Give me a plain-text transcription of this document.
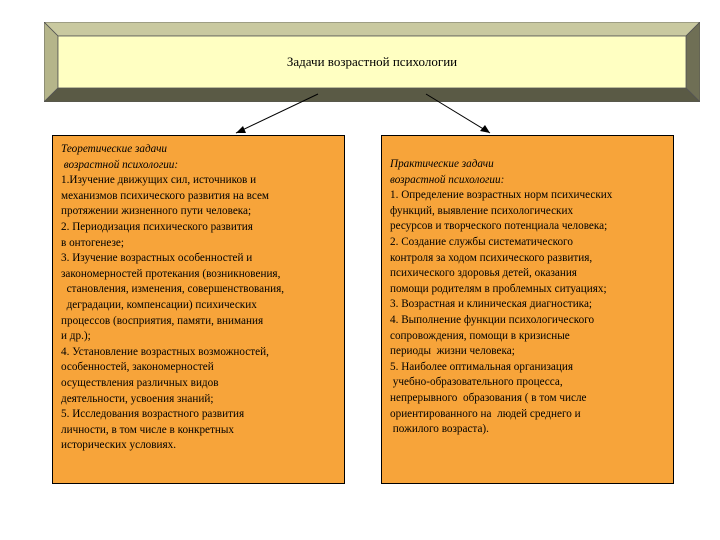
Задачи возрастной психологии
Теоретические задачи
возрастной психологии:
1.Изучение движущих сил, источников и
механизмов психического развития на всем
протяжении жизненного пути человека;
2. Периодизация психического развития
в онтогенезе;
3. Изучение возрастных особенностей и
закономерностей протекания (возникновения,
становления, изменения, совершенствования,
деградации, компенсации) психических
процессов (восприятия, памяти, внимания
и др.);
4. Установление возрастных возможностей,
особенностей, закономерностей
осуществления различных видов
деятельности, усвоения знаний;
5. Исследования возрастного развития
личности, в том числе в конкретных
исторических условиях.
Практические задачи
возрастной психологии:
1. Определение возрастных норм психических
функций, выявление психологических
ресурсов и творческого потенциала человека;
2. Создание службы систематического
контроля за ходом психического развития,
психического здоровья детей, оказания
помощи родителям в проблемных ситуациях;
3. Возрастная и клиническая диагностика;
4. Выполнение функции психологического
сопровождения, помощи в кризисные
периоды  жизни человека;
5. Наиболее оптимальная организация
учебно-образовательного процесса,
непрерывного  образования ( в том числе
ориентированного на  людей среднего и
пожилого возраста).
